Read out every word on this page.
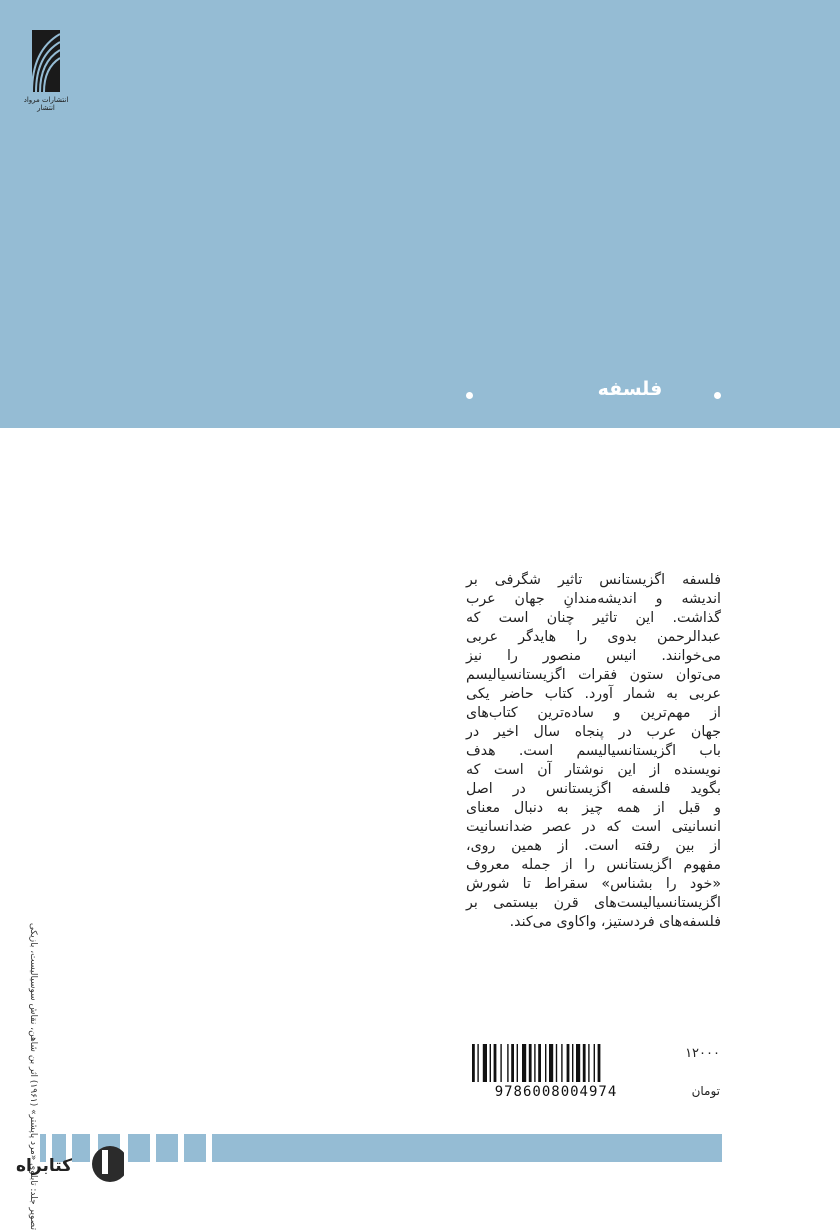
انتشارات مرواد انتشار
فلسفه

فلسفه اگزیستانس تاثیر شگرفی بر

اندیشه و اندیشه‌مندانِ جهان عرب

گذاشت. این تاثیر چنان است که

عبدالرحمن بدوی را هایدگر عربی

می‌خوانند. انیس منصور را نیز

می‌توان ستون فقرات اگزیستانسیالیسم

عربی به شمار آورد. کتاب حاضر یکی

از مهم‌ترین و ساده‌ترین کتاب‌های

جهان عرب در پنجاه سال اخیر در

باب اگزیستانسیالیسم است. هدف

نویسنده از این نوشتار آن است که

بگوید فلسفه اگزیستانس در اصل

و قبل از همه چیز به دنبال معنای

انسانیتی است که در عصر ضدانسانیت

از بین رفته است. از همین روی،

مفهوم اگزیستانس را از جمله معروف

«خود را بشناس» سقراط تا شورش

اگزیستانسیالیست‌های قرن بیستمی بر

فلسفه‌های فردستیز، واکاوی می‌کند.

تصویر جلد: تابلوی «مرد پاپشتر» (۱۹۶۱) اثر بن شاهن، نقاش سوسیالیست، بازیکی
9786008004974
۱۲۰۰۰
تومان
کتابراه
